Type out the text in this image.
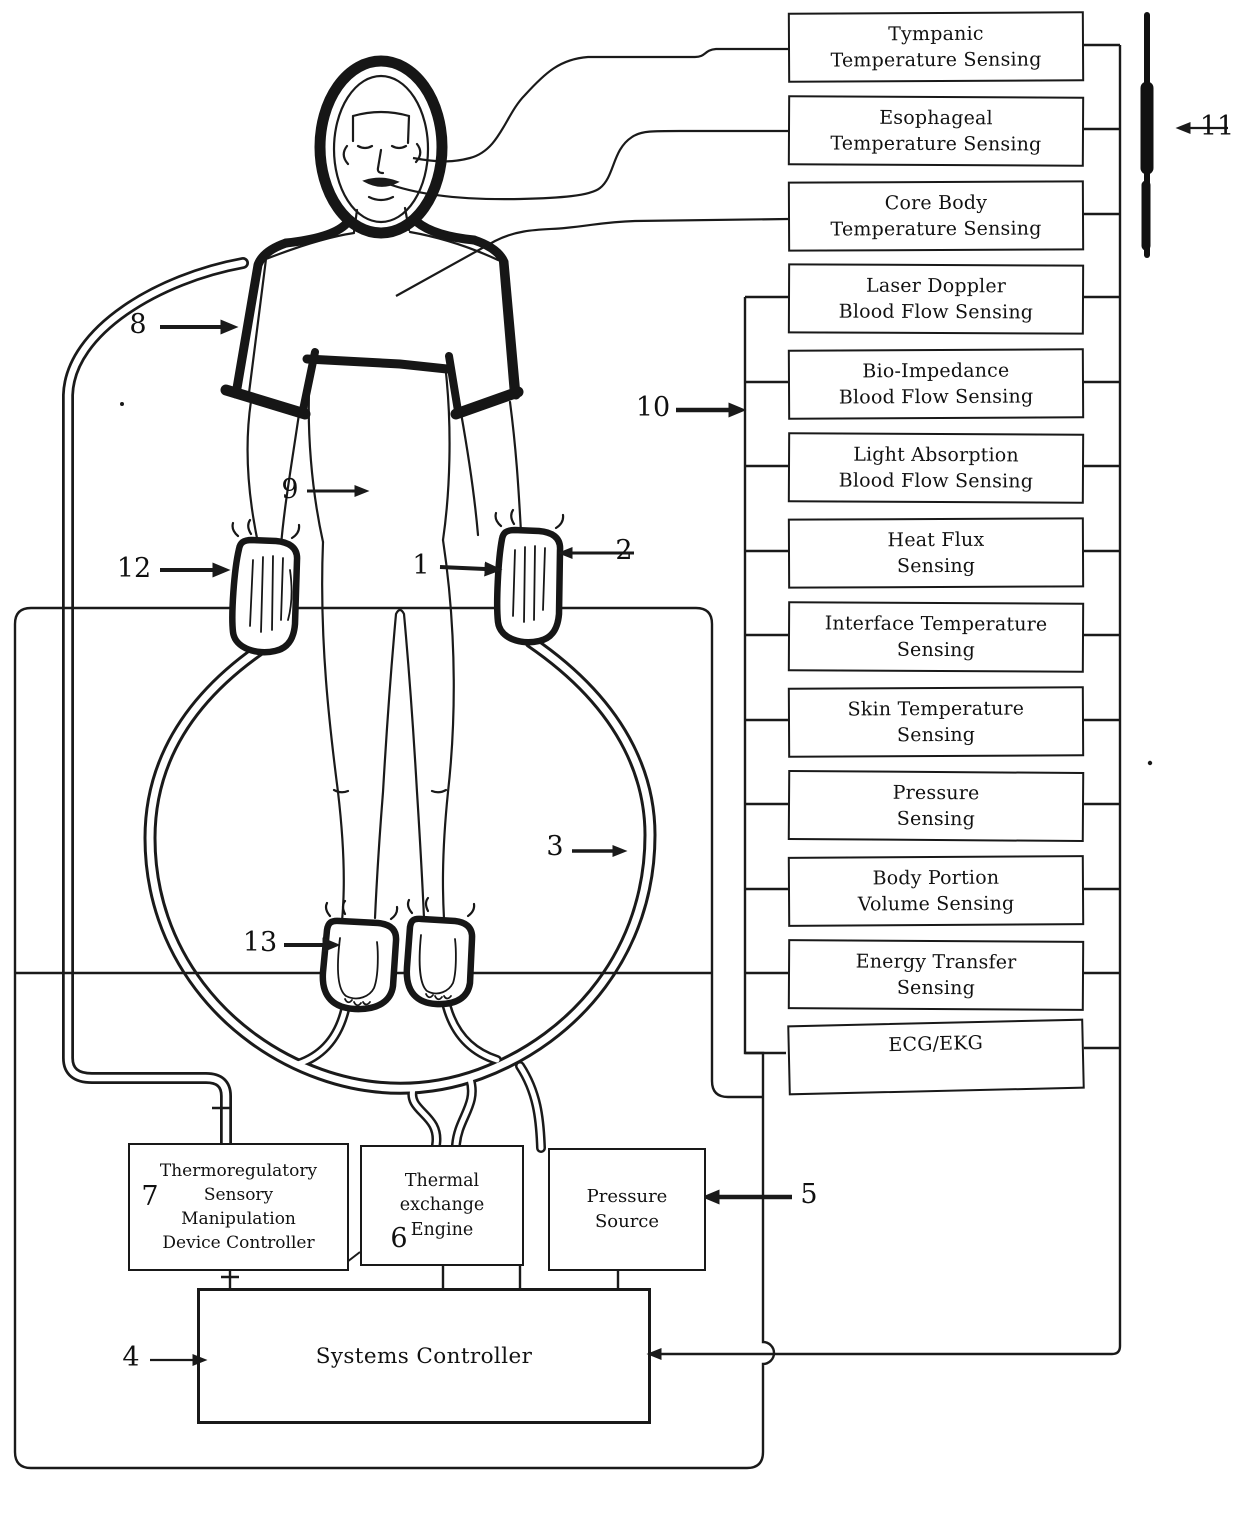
Tympanic
Temperature Sensing
Esophageal
Temperature Sensing
Core Body
Temperature Sensing
Laser Doppler
Blood Flow Sensing
Bio-Impedance
Blood Flow Sensing
Light Absorption
Blood Flow Sensing
Heat Flux
Sensing
Interface Temperature
Sensing
Skin Temperature
Sensing
Pressure
Sensing
Body Portion
Volume Sensing
Energy Transfer
Sensing
ECG/EKG
Thermoregulatory
Sensory
Manipulation
Device Controller
Thermal
exchange
Engine
Pressure
Source
Systems Controller
1	2
3
4
5
6
7
8
9
10
11
12
13
